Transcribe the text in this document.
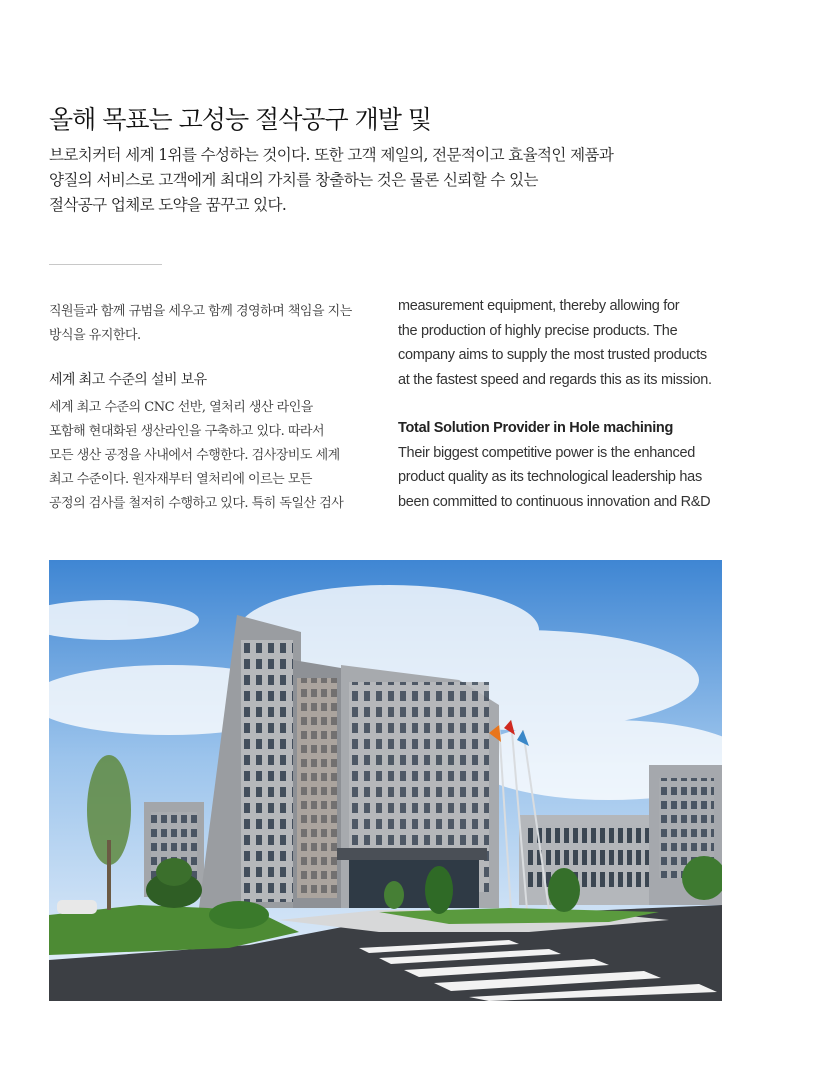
올해 목표는 고성능 절삭공구 개발 및
브로치커터 세계 1위를 수성하는 것이다. 또한 고객 제일의, 전문적이고 효율적인 제품과
양질의 서비스로 고객에게 최대의 가치를 창출하는 것은 물론 신뢰할 수 있는
절삭공구 업체로 도약을 꿈꾸고 있다.
직원들과 함께 규범을 세우고 함께 경영하며 책임을 지는
방식을 유지한다.
세계 최고 수준의 설비 보유
세계 최고 수준의 CNC 선반, 열처리 생산 라인을
포함해 현대화된 생산라인을 구축하고 있다. 따라서
모든 생산 공정을 사내에서 수행한다. 검사장비도 세계
최고 수준이다. 원자재부터 열처리에 이르는 모든
공정의 검사를 철저히 수행하고 있다. 특히 독일산 검사
measurement equipment, thereby allowing for
the production of highly precise products. The
company aims to supply the most trusted products
at the fastest speed and regards this as its mission.
Total Solution Provider in Hole machining
Their biggest competitive power is the enhanced
product quality as its technological leadership has
been committed to continuous innovation and R&D
